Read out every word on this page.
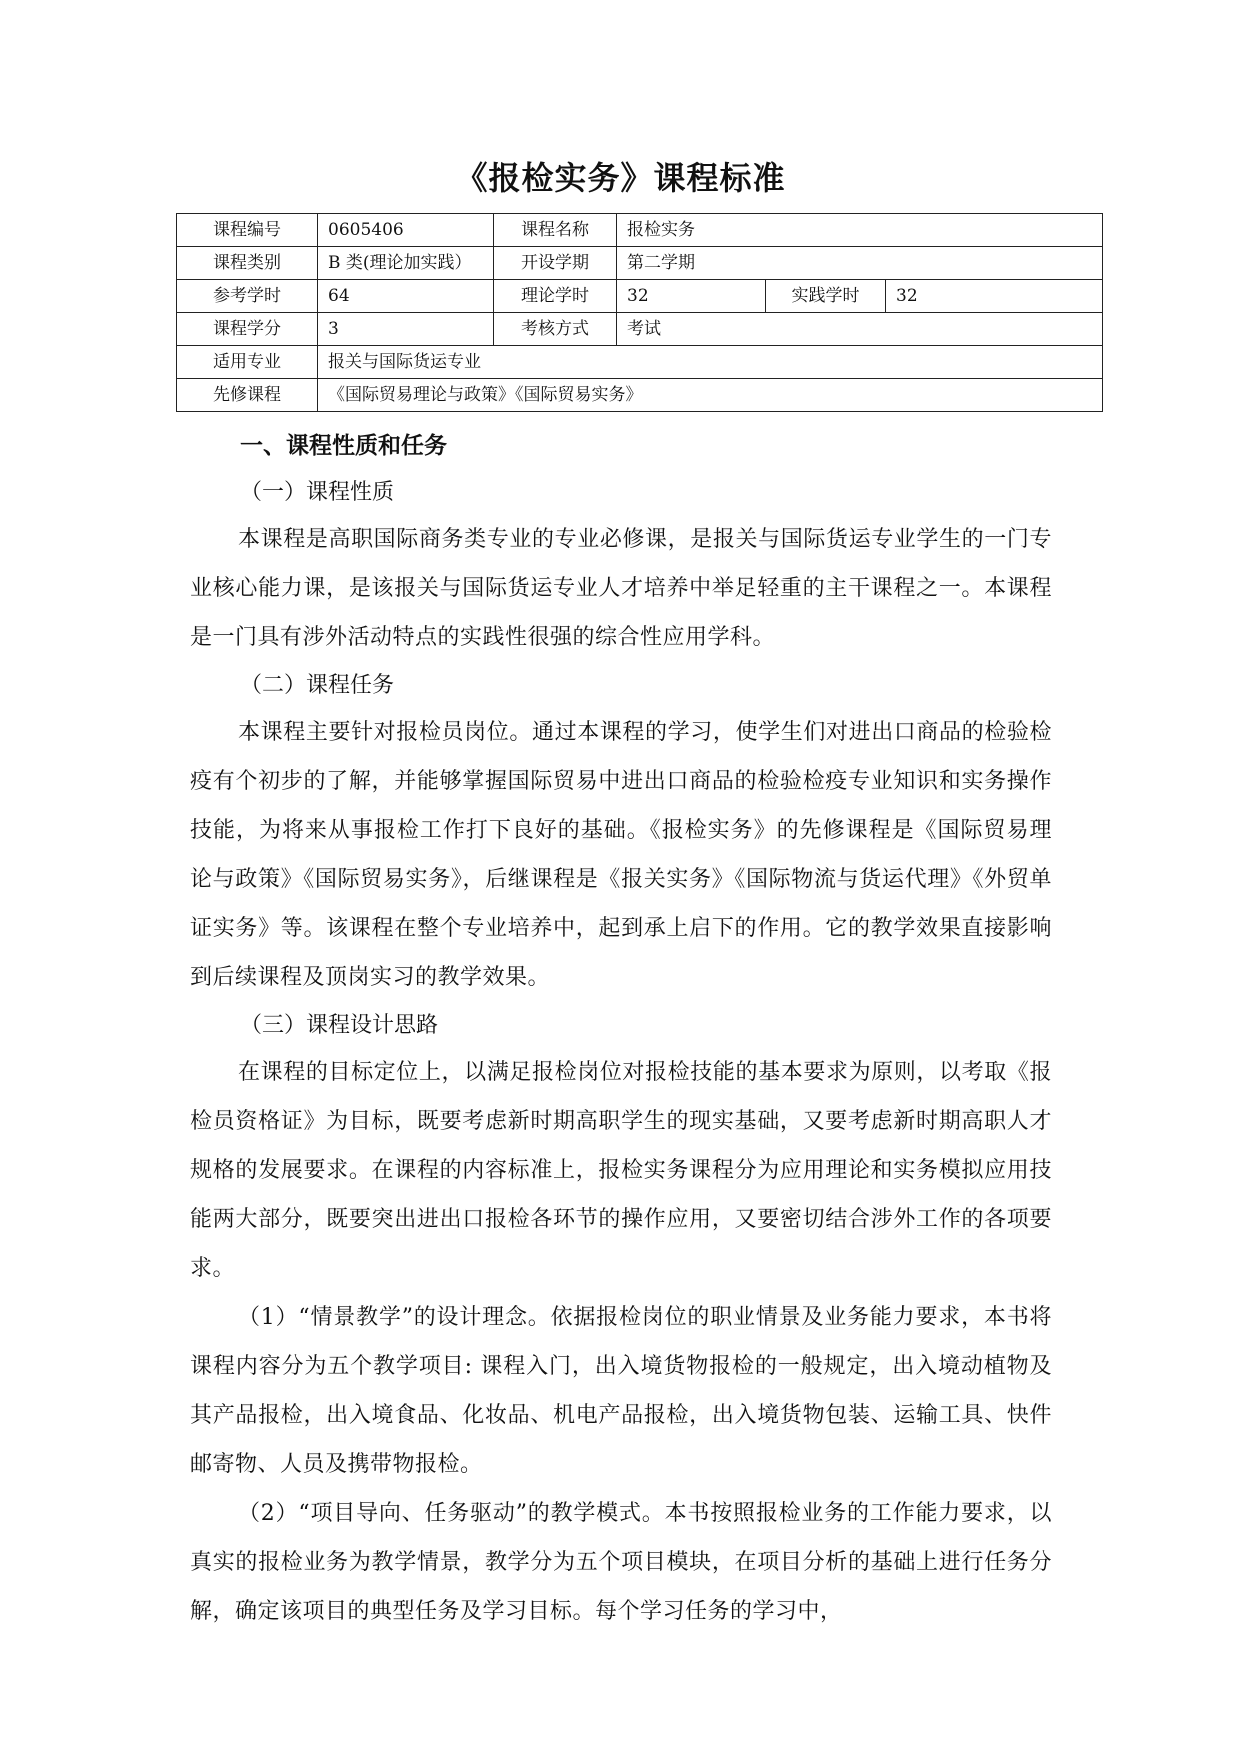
《报检实务》课程标准
课程编号	0605406	课程名称	报检实务		
课程类别	B 类(理论加实践）	开设学期	第二学期		
参考学时	64	理论学时	32	实践学时	32
课程学分	3	考核方式	考试		
适用专业	报关与国际货运专业				
先修课程	《国际贸易理论与政策》《国际贸易实务》				
一、课程性质和任务
（一）课程性质

本课程是高职国际商务类专业的专业必修课，是报关与国际货运专业学生的一门专业核心能力课，是该报关与国际货运专业人才培养中举足轻重的主干课程之一。本课程是一门具有涉外活动特点的实践性很强的综合性应用学科。

（二）课程任务

本课程主要针对报检员岗位。通过本课程的学习，使学生们对进出口商品的检验检疫有个初步的了解，并能够掌握国际贸易中进出口商品的检验检疫专业知识和实务操作技能，为将来从事报检工作打下良好的基础。《报检实务》的先修课程是《国际贸易理论与政策》《国际贸易实务》，后继课程是《报关实务》《国际物流与货运代理》《外贸单证实务》等。该课程在整个专业培养中，起到承上启下的作用。它的教学效果直接影响到后续课程及顶岗实习的教学效果。

（三）课程设计思路

在课程的目标定位上，以满足报检岗位对报检技能的基本要求为原则，以考取《报检员资格证》为目标，既要考虑新时期高职学生的现实基础，又要考虑新时期高职人才规格的发展要求。在课程的内容标准上，报检实务课程分为应用理论和实务模拟应用技能两大部分，既要突出进出口报检各环节的操作应用，又要密切结合涉外工作的各项要求。

（1）“情景教学”的设计理念。依据报检岗位的职业情景及业务能力要求，本书将课程内容分为五个教学项目: 课程入门，出入境货物报检的一般规定，出入境动植物及其产品报检，出入境食品、化妆品、机电产品报检，出入境货物包装、运输工具、快件邮寄物、人员及携带物报检。

（2）“项目导向、任务驱动”的教学模式。本书按照报检业务的工作能力要求，以真实的报检业务为教学情景，教学分为五个项目模块，在项目分析的基础上进行任务分解，确定该项目的典型任务及学习目标。每个学习任务的学习中，
